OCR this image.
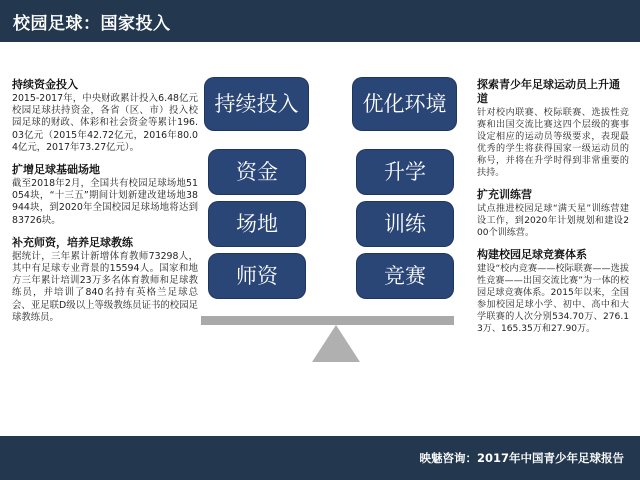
校园足球：国家投入
持续资金投入
2015-2017年，中央财政累计投入6.48亿元校园足球扶持资金，各省（区、市）投入校园足球的财政、体彩和社会资金等累计196.03亿元（2015年42.72亿元，2016年80.04亿元，2017年73.27亿元）。
扩增足球基础场地
截至2018年2月，全国共有校园足球场地51054块，“十三五”期间计划新建改建场地38944块，到2020年全国校园足球场地将达到83726块。
补充师资，培养足球教练
据统计，三年累计新增体育教师73298人，其中有足球专业背景的15594人。国家和地方三年累计培训23万多名体育教师和足球教练员，并培训了840名持有英格兰足球总会、亚足联D级以上等级教练员证书的校园足球教练员。
探索青少年足球运动员上升通道
针对校内联赛、校际联赛、选拔性竞赛和出国交流比赛这四个层级的赛事设定相应的运动员等级要求，表现最优秀的学生将获得国家一级运动员的称号，并将在升学时得到非常重要的扶持。
扩充训练营
试点推进校园足球“满天星”训练营建设工作，到2020年计划规划和建设200个训练营。
构建校园足球竞赛体系
建设“校内竞赛——校际联赛——选拔性竞赛——出国交流比赛”为一体的校园足球竞赛体系。2015年以来，全国参加校园足球小学、初中、高中和大学联赛的人次分别534.70万、276.13万、165.35万和27.90万。
持续投入	优化环境
资金
场地
师资
升学
训练
竞赛
映魅咨询：2017年中国青少年足球报告
